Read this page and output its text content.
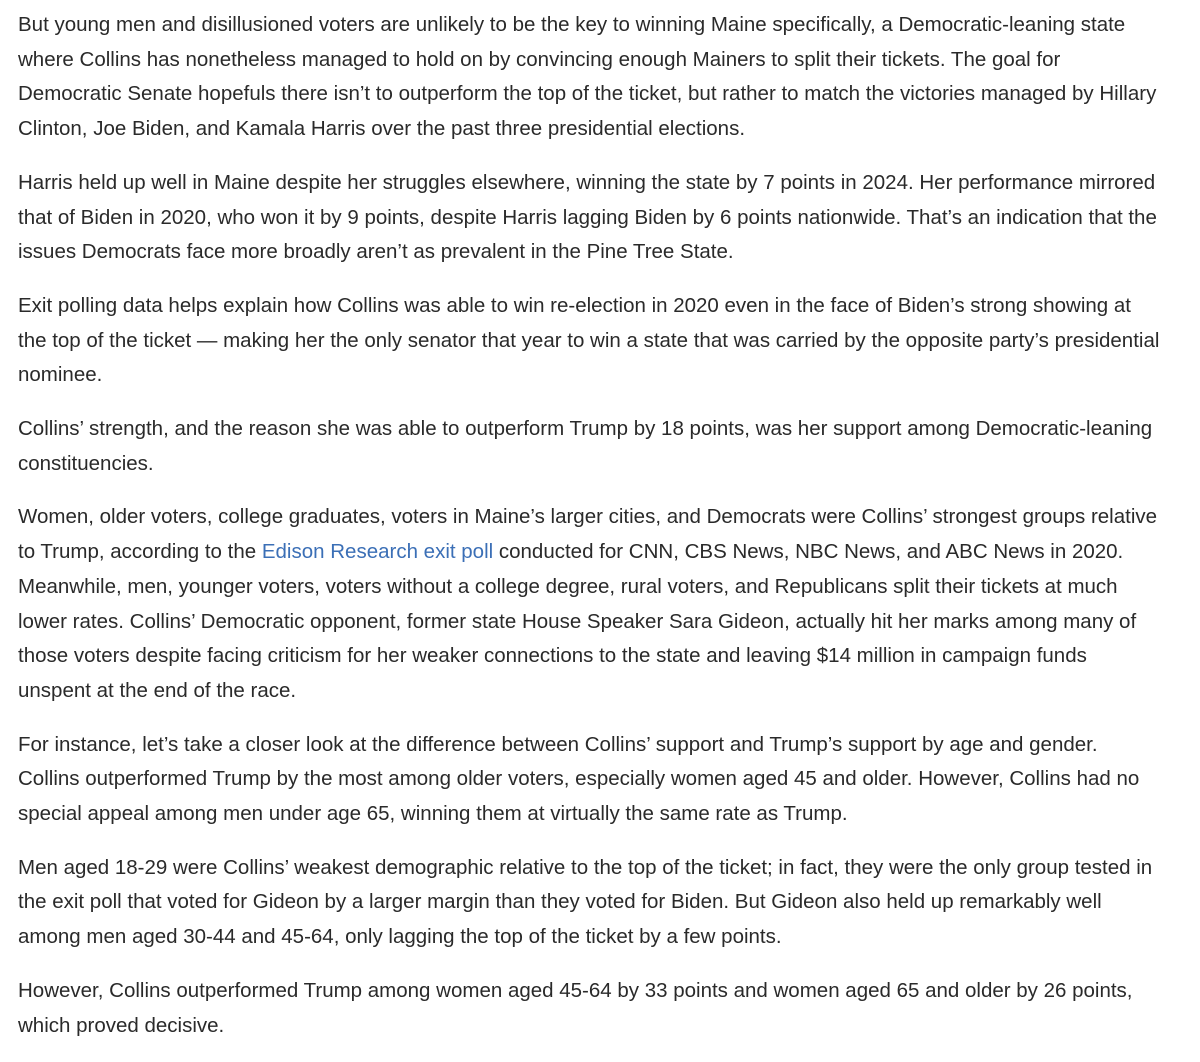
But young men and disillusioned voters are unlikely to be the key to winning Maine specifically, a Democratic-leaning state where Collins has nonetheless managed to hold on by convincing enough Mainers to split their tickets. The goal for Democratic Senate hopefuls there isn’t to outperform the top of the ticket, but rather to match the victories managed by Hillary Clinton, Joe Biden, and Kamala Harris over the past three presidential elections.

Harris held up well in Maine despite her struggles elsewhere, winning the state by 7 points in 2024. Her performance mirrored that of Biden in 2020, who won it by 9 points, despite Harris lagging Biden by 6 points nationwide. That’s an indication that the issues Democrats face more broadly aren’t as prevalent in the Pine Tree State.

Exit polling data helps explain how Collins was able to win re-election in 2020 even in the face of Biden’s strong showing at the top of the ticket — making her the only senator that year to win a state that was carried by the opposite party’s presidential nominee.

Collins’ strength, and the reason she was able to outperform Trump by 18 points, was her support among Democratic-leaning constituencies.

Women, older voters, college graduates, voters in Maine’s larger cities, and Democrats were Collins’ strongest groups relative to Trump, according to the Edison Research exit poll conducted for CNN, CBS News, NBC News, and ABC News in 2020. Meanwhile, men, younger voters, voters without a college degree, rural voters, and Republicans split their tickets at much lower rates. Collins’ Democratic opponent, former state House Speaker Sara Gideon, actually hit her marks among many of those voters despite facing criticism for her weaker connections to the state and leaving $14 million in campaign funds unspent at the end of the race.

For instance, let’s take a closer look at the difference between Collins’ support and Trump’s support by age and gender. Collins outperformed Trump by the most among older voters, especially women aged 45 and older. However, Collins had no special appeal among men under age 65, winning them at virtually the same rate as Trump.

Men aged 18-29 were Collins’ weakest demographic relative to the top of the ticket; in fact, they were the only group tested in the exit poll that voted for Gideon by a larger margin than they voted for Biden. But Gideon also held up remarkably well among men aged 30-44 and 45-64, only lagging the top of the ticket by a few points.

However, Collins outperformed Trump among women aged 45-64 by 33 points and women aged 65 and older by 26 points, which proved decisive.
